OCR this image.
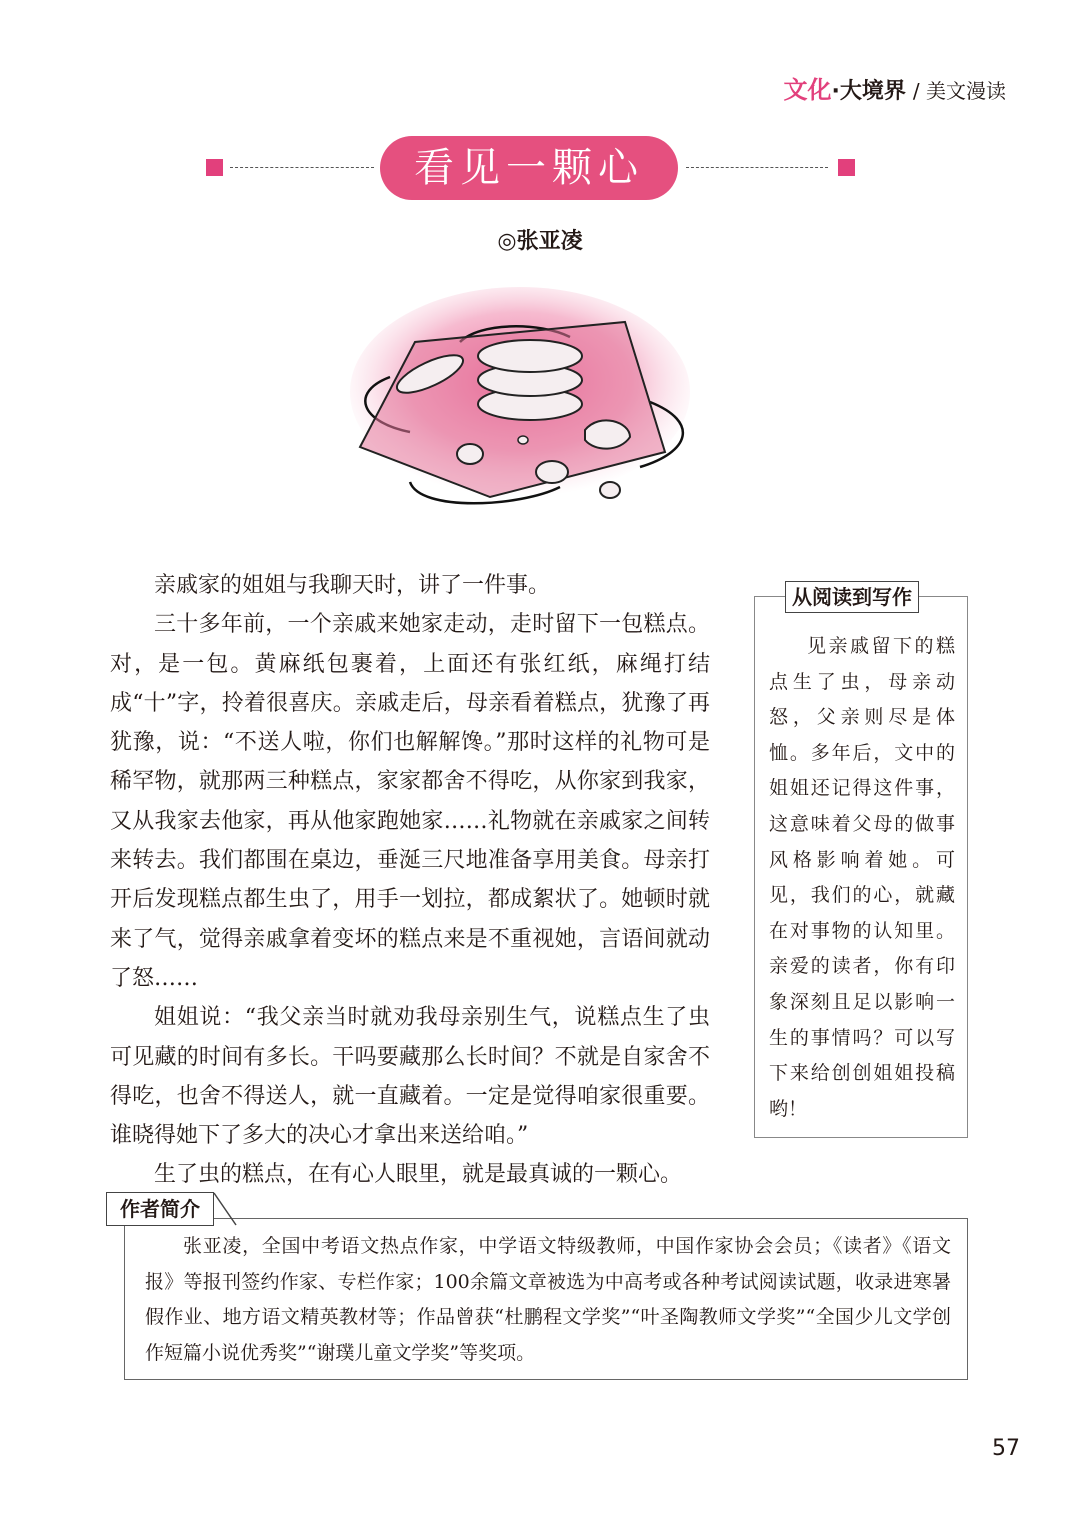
文化·大境界 / 美文漫读
看见一颗心
◎张亚凌

亲戚家的姐姐与我聊天时，讲了一件事。

三十多年前，一个亲戚来她家走动，走时留下一包糕点。对，是一包。黄麻纸包裹着，上面还有张红纸，麻绳打结成“十”字，拎着很喜庆。亲戚走后，母亲看着糕点，犹豫了再犹豫，说：“不送人啦，你们也解解馋。”那时这样的礼物可是稀罕物，就那两三种糕点，家家都舍不得吃，从你家到我家，又从我家去他家，再从他家跑她家……礼物就在亲戚家之间转来转去。我们都围在桌边，垂涎三尺地准备享用美食。母亲打开后发现糕点都生虫了，用手一划拉，都成絮状了。她顿时就来了气，觉得亲戚拿着变坏的糕点来是不重视她，言语间就动了怒……

姐姐说：“我父亲当时就劝我母亲别生气，说糕点生了虫可见藏的时间有多长。干吗要藏那么长时间？不就是自家舍不得吃，也舍不得送人，就一直藏着。一定是觉得咱家很重要。谁晓得她下了多大的决心才拿出来送给咱。”

生了虫的糕点，在有心人眼里，就是最真诚的一颗心。

从阅读到写作
见亲戚留下的糕点生了虫，母亲动怒，父亲则尽是体恤。多年后，文中的姐姐还记得这件事，这意味着父母的做事风格影响着她。可见，我们的心，就藏在对事物的认知里。亲爱的读者，你有印象深刻且足以影响一生的事情吗？可以写下来给创创姐姐投稿哟！
张亚凌，全国中考语文热点作家，中学语文特级教师，中国作家协会会员；《读者》《语文报》等报刊签约作家、专栏作家；100余篇文章被选为中高考或各种考试阅读试题，收录进寒暑假作业、地方语文精英教材等；作品曾获“杜鹏程文学奖”“叶圣陶教师文学奖”“全国少儿文学创作短篇小说优秀奖”“谢璞儿童文学奖”等奖项。
作者简介
57
